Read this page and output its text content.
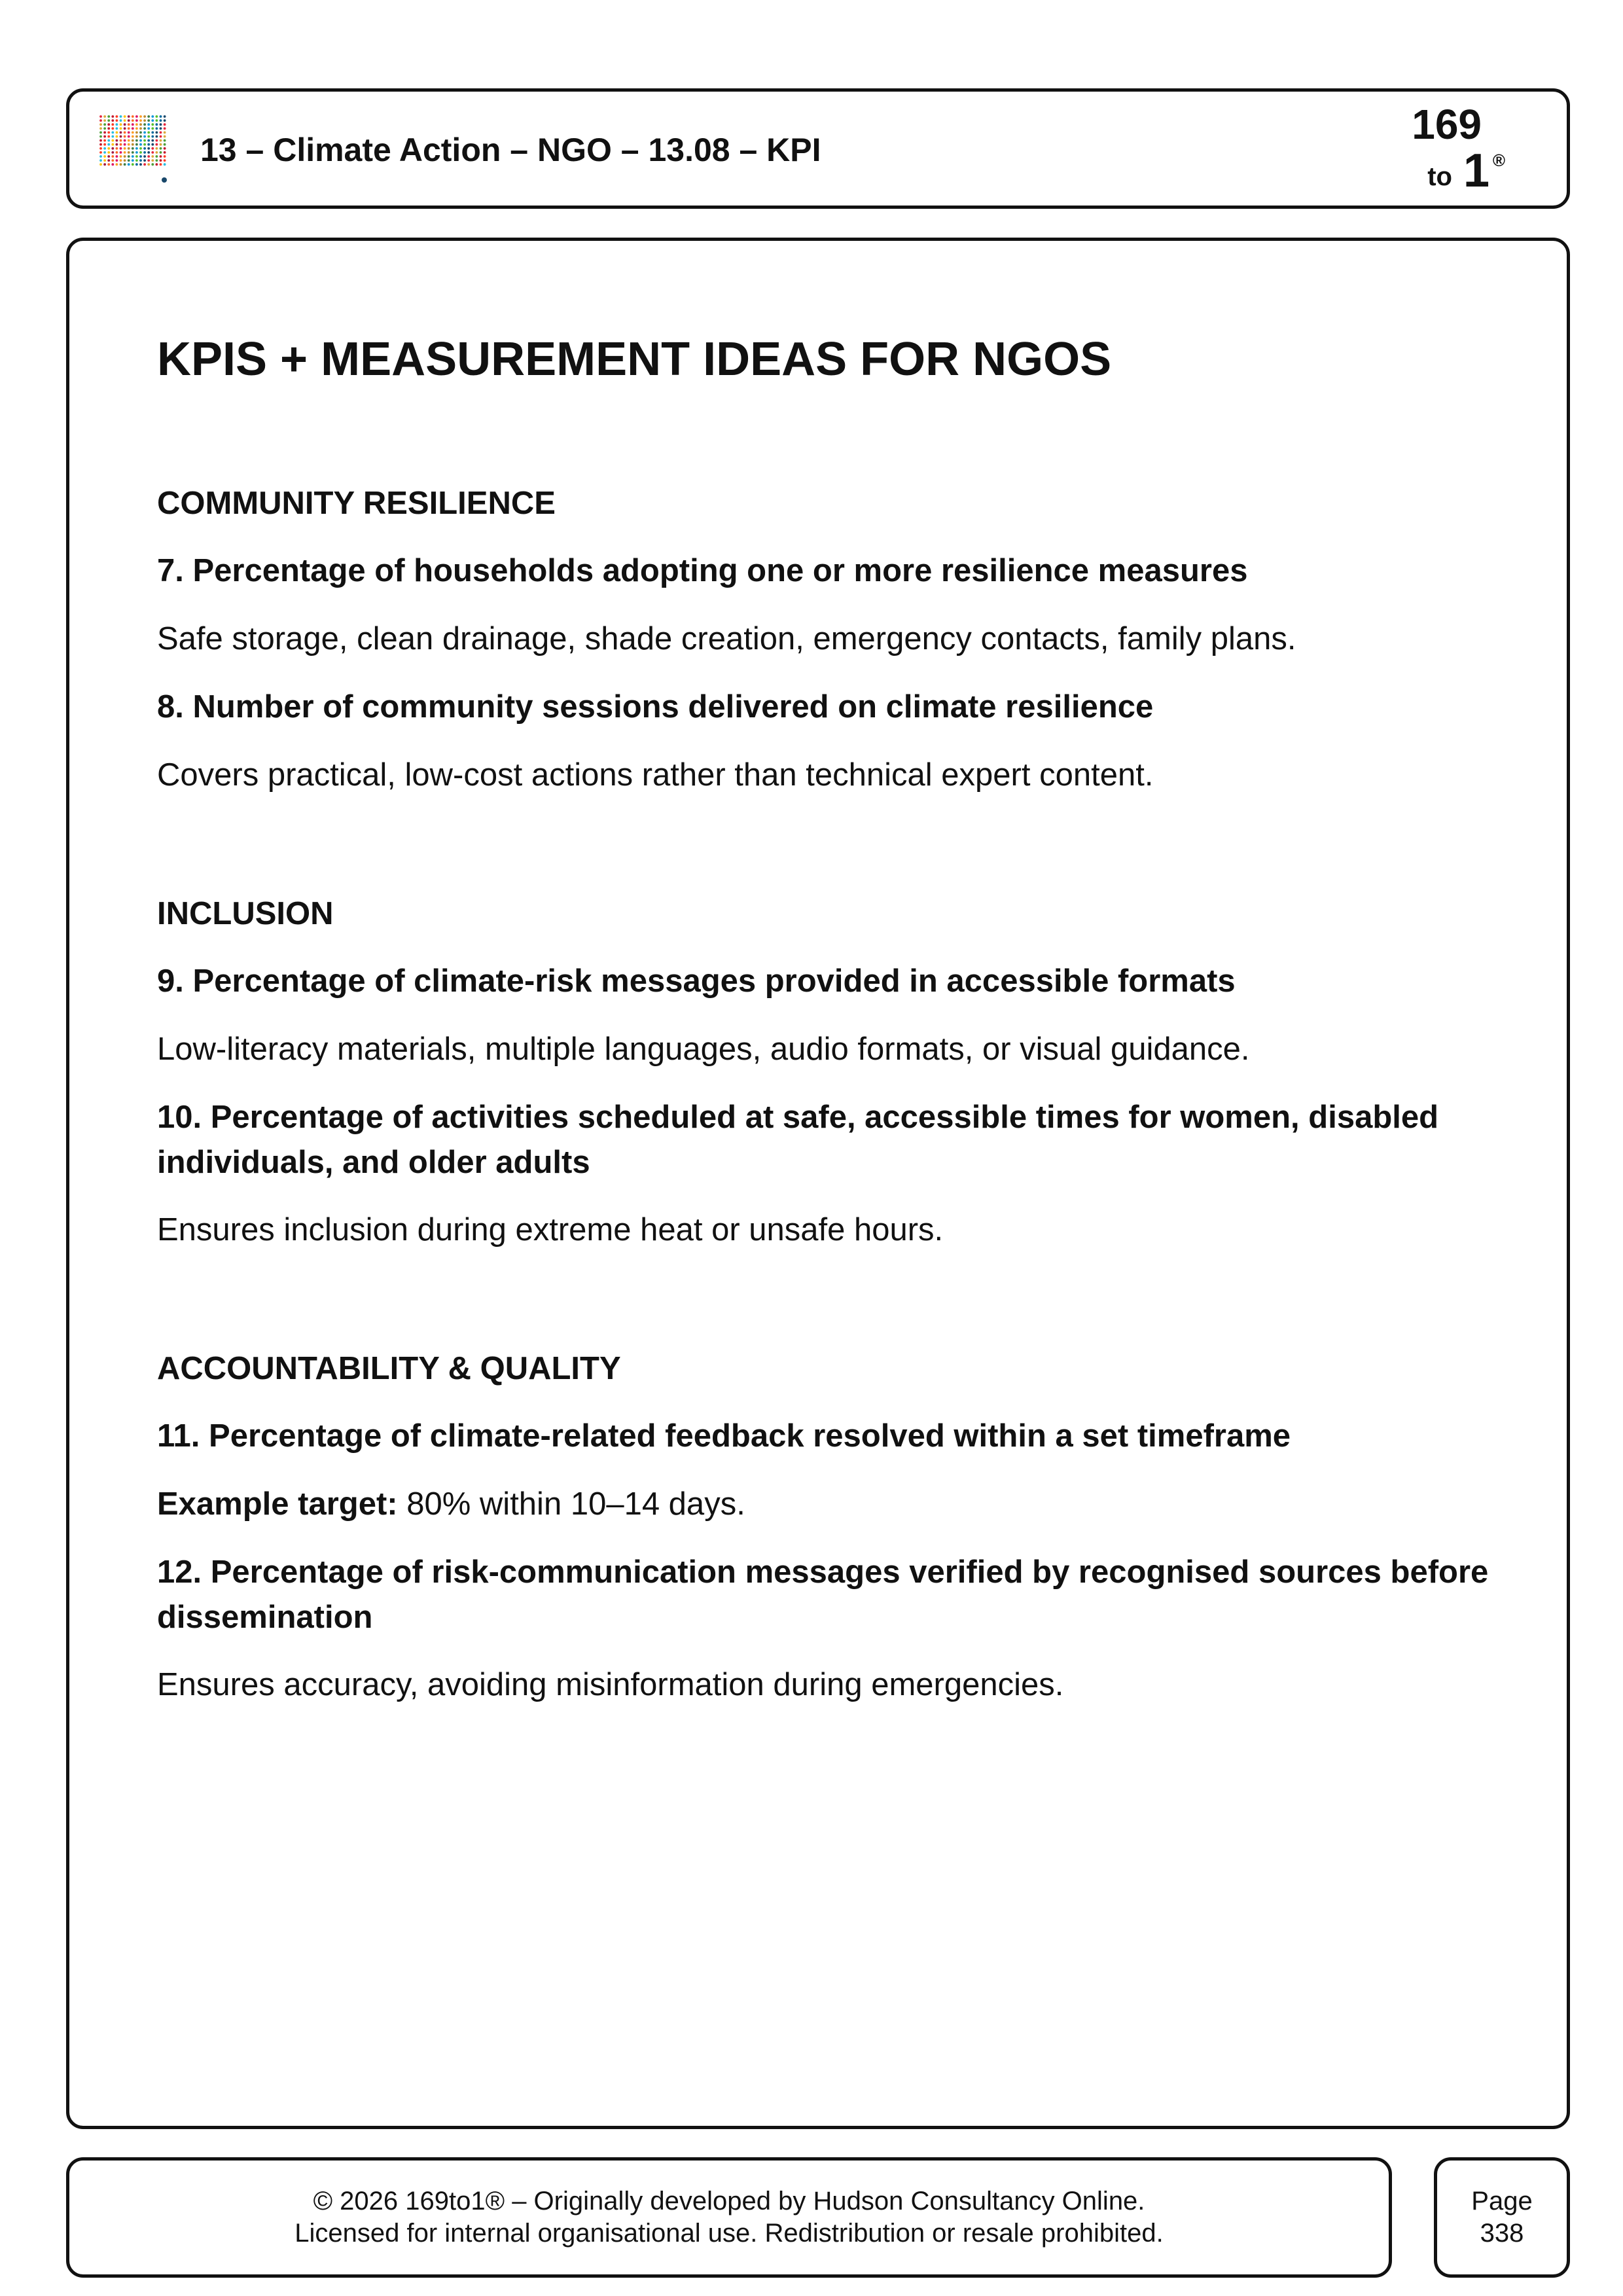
13 – Climate Action – NGO – 13.08 – KPI
169
to 1 ®
KPIS + MEASUREMENT IDEAS FOR NGOS
COMMUNITY RESILIENCE
7. Percentage of households adopting one or more resilience measures
Safe storage, clean drainage, shade creation, emergency contacts, family plans.
8. Number of community sessions delivered on climate resilience
Covers practical, low-cost actions rather than technical expert content.
INCLUSION
9. Percentage of climate-risk messages provided in accessible formats
Low-literacy materials, multiple languages, audio formats, or visual guidance.
10. Percentage of activities scheduled at safe, accessible times for women, disabled individuals, and older adults
Ensures inclusion during extreme heat or unsafe hours.
ACCOUNTABILITY & QUALITY
11. Percentage of climate-related feedback resolved within a set timeframe
Example target: 80% within 10–14 days.
12. Percentage of risk-communication messages verified by recognised sources before dissemination
Ensures accuracy, avoiding misinformation during emergencies.
© 2026 169to1® – Originally developed by Hudson Consultancy Online.
Licensed for internal organisational use. Redistribution or resale prohibited.
Page
338
